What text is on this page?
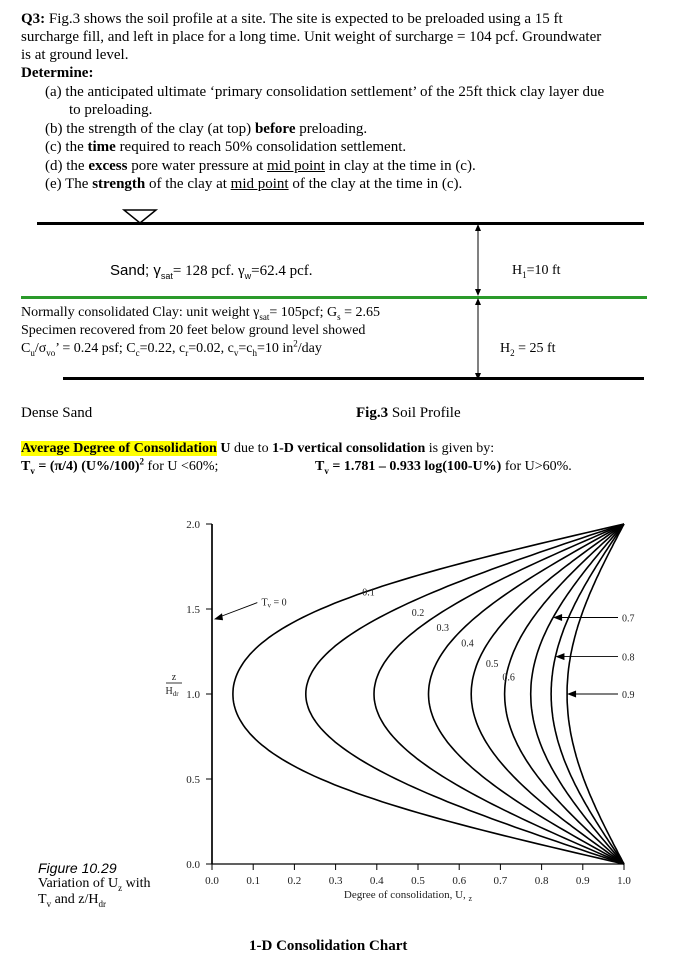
Q3: Fig.3 shows the soil profile at a site. The site is expected to be preloaded using a 15 ft
surcharge fill, and left in place for a long time. Unit weight of surcharge = 104 pcf. Groundwater
is at ground level.
Determine:
(a) the anticipated ultimate ‘primary consolidation settlement’ of the 25ft thick clay layer due
to preloading.
(b) the strength of the clay (at top) before preloading.
(c) the time required to reach 50% consolidation settlement.
(d) the excess pore water pressure at mid point in clay at the time in (c).
(e) The strength of the clay at mid point of the clay at the time in (c).
Sand; $\gamma_{sat}= 128$ pcf. $\gamma_w=62.4$ pcf.	$H_1=10$ ft
Normally consolidated Clay: unit weight $\gamma_{sat}= 105pcf$; $G_s = 2.65$
Specimen recovered from 20 feet below ground level showed
$C_u/\sigma_{vo}$’ = 0.24 psf; $C_c=0.22$, $c_r=0.02$, $c_v=c_h=10$ $in^2$/day	$H_2 = 25$ ft
Dense Sand	Fig.3 Soil Profile
Average Degree of Consolidation U due to 1-D vertical consolidation is given by:
$T_v = (\pi/4)$ $(U\%/100)^2$ for U <60%;	$T_v = 1.781 - 0.933$ log(100-U%) for U>60%.
0.0
0.5
1.0
1.5
2.0
0.0 0.1 0.2 0.3 0.4 0.5 0.6 0.7 0.8 0.9 1.0
Degree of consolidation, U, $_z$
z
$H_{dr}$
0.1
0.2
0.3
0.4
0.5
0.6
0.7
0.8
0.9
$T_v = 0$
Figure 10.29
Variation of $U_z$ with
$T_v$ and $z/H_{dr}$
1-D Consolidation Chart
